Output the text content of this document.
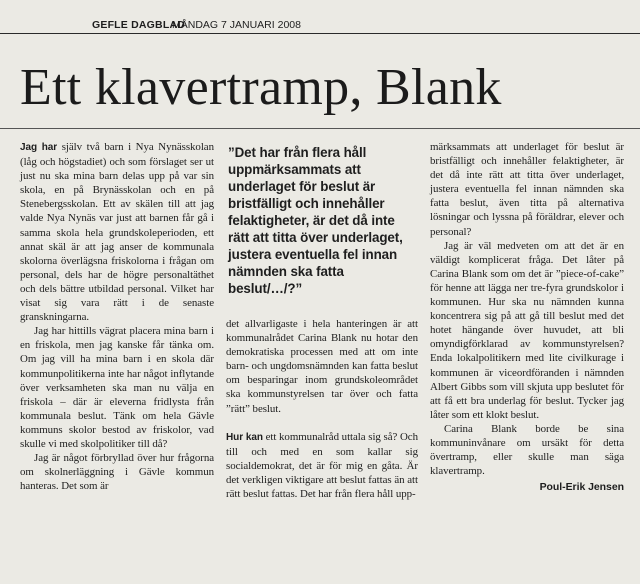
GEFLE DAGBLAD
MÅNDAG 7 JANUARI 2008
Ett klavertramp, Blank

Jag har själv två barn i Nya Nynässkolan (låg och högstadiet) och som förslaget ser ut just nu ska mina barn delas upp på var sin skola, en på Brynässkolan och en på Stenebergsskolan. Ett av skälen till att jag valde Nya Nynäs var just att barnen får gå i samma skola hela grundskoleperioden, ett annat skäl är att jag anser de kommunala skolorna överlägsna friskolorna i frågan om personal, dels har de högre personaltäthet och dels bättre utbildad personal. Vilket har visat sig vara rätt i de senaste granskningarna.

Jag har hittills vägrat placera mina barn i en friskola, men jag kanske får tänka om. Om jag vill ha mina barn i en skola där kommunpolitikerna inte har något inflytande över verksamheten ska man nu välja en friskola – där är eleverna fridlysta från kommunala beslut. Tänk om hela Gävle kommuns skolor bestod av friskolor, vad skulle vi med skolpolitiker till då?

Jag är något förbryllad över hur frågorna om skolnerläggning i Gävle kommun hanteras. Det som är

”Det har från flera håll uppmärksammats att underlaget för beslut är bristfälligt och innehåller felaktigheter, är det då inte rätt att titta över underlaget, justera eventuella fel innan nämnden ska fatta beslut/…/?”

det allvarligaste i hela hanteringen är att kommunalrådet Carina Blank nu hotar den demokratiska processen med att om inte barn- och ungdomsnämnden kan fatta beslut om besparingar inom grundskoleområdet ska kommunstyrelsen tar över och fatta ”rätt” beslut.

Hur kan ett kommunalråd uttala sig så? Och till och med en som kallar sig socialdemokrat, det är för mig en gåta. Är det verkligen viktigare att beslut fattas än att rätt beslut fattas. Det har från flera håll upp-

märksammats att underlaget för beslut är bristfälligt och innehåller felaktigheter, är det då inte rätt att titta över underlaget, justera eventuella fel innan nämnden ska fatta beslut, även titta på alternativa lösningar och lyssna på föräldrar, elever och personal?

Jag är väl medveten om att det är en väldigt komplicerat fråga. Det låter på Carina Blank som om det är ”piece-of-cake” för henne att lägga ner tre-fyra grundskolor i kommunen. Hur ska nu nämnden kunna koncentrera sig på att gå till beslut med det hotet hängande över huvudet, att bli omyndigförklarad av kommunstyrelsen? Enda lokalpolitikern med lite civilkurage i kommunen är viceordföranden i nämnden Albert Gibbs som vill skjuta upp beslutet för att få ett bra underlag för beslut. Tycker jag låter som ett klokt beslut.

Carina Blank borde be sina kommuninvånare om ursäkt för detta övertramp, eller skulle man säga klavertramp.

Poul-Erik Jensen
